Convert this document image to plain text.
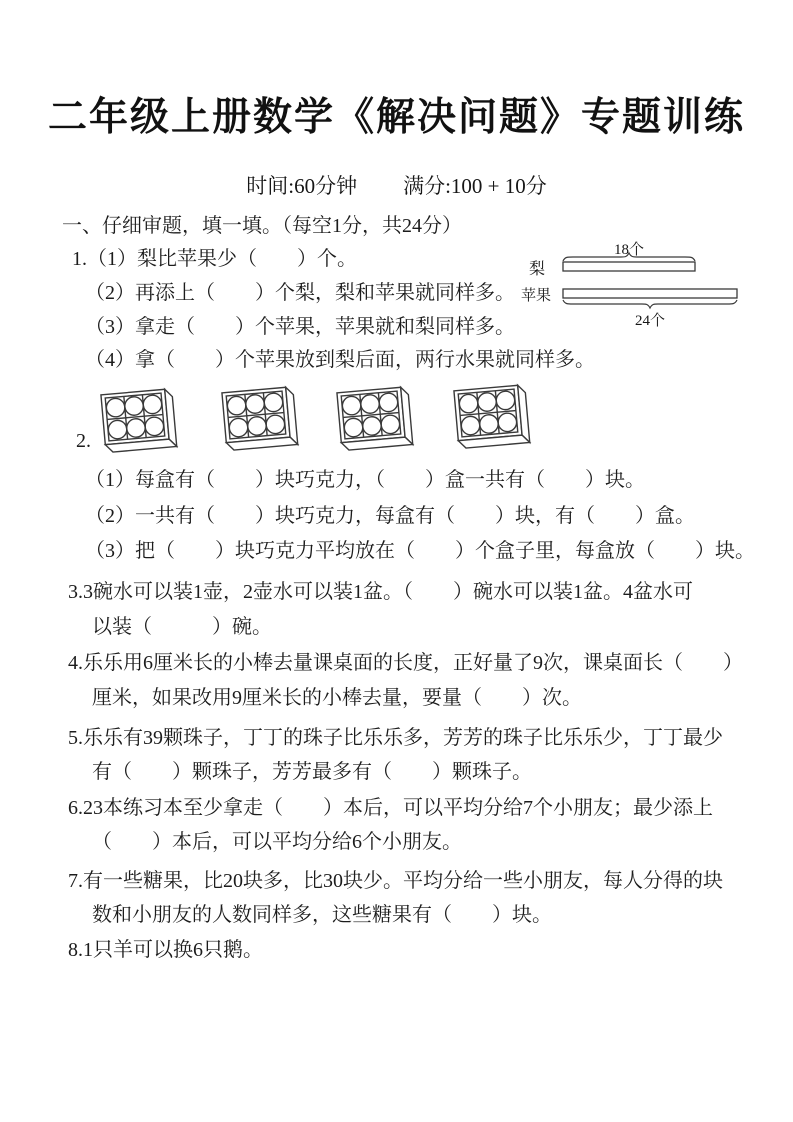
二年级上册数学《解决问题》专题训练
时间:60分钟 满分:100 + 10分
一、仔细审题，填一填。（每空1分，共24分）
1.（1）梨比苹果少（　　）个。
（2）再添上（　　）个梨，梨和苹果就同样多。
（3）拿走（　　）个苹果，苹果就和梨同样多。
（4）拿（　　）个苹果放到梨后面，两行水果就同样多。
18个
梨
苹果
24个
2.
（1）每盒有（　　）块巧克力，（　　）盒一共有（　　）块。
（2）一共有（　　）块巧克力，每盒有（　　）块，有（　　）盒。
（3）把（　　）块巧克力平均放在（　　）个盒子里，每盒放（　　）块。
3.3碗水可以装1壶，2壶水可以装1盆。（　　）碗水可以装1盆。4盆水可
以装（　　　）碗。
4.乐乐用6厘米长的小棒去量课桌面的长度，正好量了9次，课桌面长（　　）
厘米，如果改用9厘米长的小棒去量，要量（　　）次。
5.乐乐有39颗珠子，丁丁的珠子比乐乐多，芳芳的珠子比乐乐少，丁丁最少
有（　　）颗珠子，芳芳最多有（　　）颗珠子。
6.23本练习本至少拿走（　　）本后，可以平均分给7个小朋友；最少添上
（　　）本后，可以平均分给6个小朋友。
7.有一些糖果，比20块多，比30块少。平均分给一些小朋友，每人分得的块
数和小朋友的人数同样多，这些糖果有（　　）块。
8.1只羊可以换6只鹅。
